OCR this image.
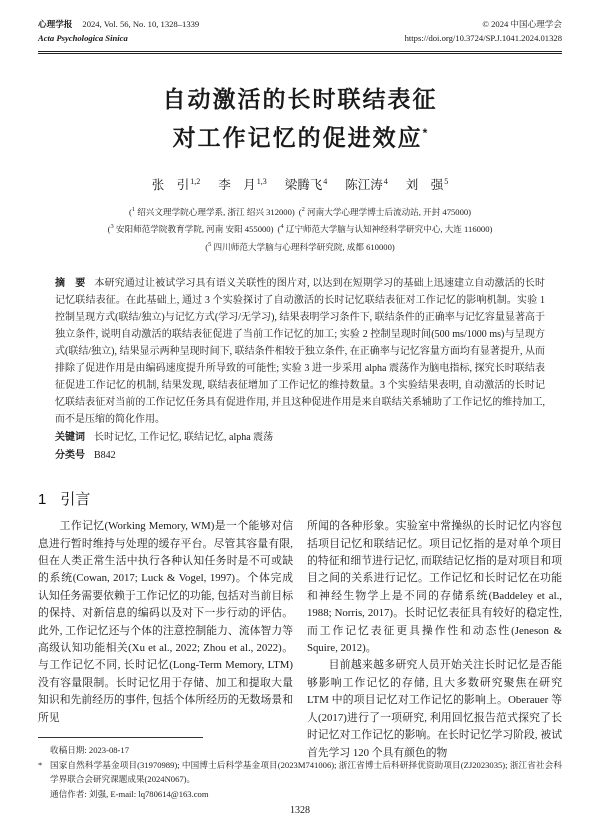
心理学报 2024, Vol. 56, No. 10, 1328–1339
Acta Psychologica Sinica
© 2024 中国心理学会
https://doi.org/10.3724/SP.J.1041.2024.01328
自动激活的长时联结表征
对工作记忆的促进效应*
张　引$^{1,2}$ 李　月$^{1,3}$ 梁腾飞$^4$ 陈江涛$^4$ 刘　强$^5$
($^1$ 绍兴文理学院心理学系, 浙江 绍兴 312000) ($^2$ 河南大学心理学博士后流动站, 开封 475000)
($^3$ 安阳师范学院教育学院, 河南 安阳 455000) ($^4$ 辽宁师范大学脑与认知神经科学研究中心, 大连 116000)
($^5$ 四川师范大学脑与心理科学研究院, 成都 610000)

摘　要 本研究通过让被试学习具有语义关联性的图片对, 以达到在短期学习的基础上迅速建立自动激活的长时记忆联结表征。在此基础上, 通过 3 个实验探讨了自动激活的长时记忆联结表征对工作记忆的影响机制。实验 1 控制呈现方式(联结/独立)与记忆方式(学习/无学习), 结果表明学习条件下, 联结条件的正确率与记忆容量显著高于独立条件, 说明自动激活的联结表征促进了当前工作记忆的加工; 实验 2 控制呈现时间(500 ms/1000 ms)与呈现方式(联结/独立), 结果显示两种呈现时间下, 联结条件相较于独立条件, 在正确率与记忆容量方面均有显著提升, 从而排除了促进作用是由编码速度提升所导致的可能性; 实验 3 进一步采用 alpha 震荡作为脑电指标, 探究长时联结表征促进工作记忆的机制, 结果发现, 联结表征增加了工作记忆的维持数量。3 个实验结果表明, 自动激活的长时记忆联结表征对当前的工作记忆任务具有促进作用, 并且这种促进作用是来自联结关系辅助了工作记忆的维持加工, 而不是压缩的简化作用。

关键词 长时记忆, 工作记忆, 联结记忆, alpha 震荡

分类号 B842

1 引言

工作记忆(Working Memory, WM)是一个能够对信息进行暂时维持与处理的缓存平台。尽管其容量有限, 但在人类正常生活中执行各种认知任务时是不可或缺的系统(Cowan, 2017; Luck & Vogel, 1997)。个体完成认知任务需要依赖于工作记忆的功能, 包括对当前目标的保持、对新信息的编码以及对下一步行动的评估。此外, 工作记忆还与个体的注意控制能力、流体智力等高级认知功能相关(Xu et al., 2022; Zhou et al., 2022)。与工作记忆不同, 长时记忆(Long-Term Memory, LTM)没有容量限制。长时记忆用于存储、加工和提取大量知识和先前经历的事件, 包括个体所经历的无数场景和所见

所闻的各种形象。实验室中常操纵的长时记忆内容包括项目记忆和联结记忆。项目记忆指的是对单个项目的特征和细节进行记忆, 而联结记忆指的是对项目和项目之间的关系进行记忆。工作记忆和长时记忆在功能和神经生物学上是不同的存储系统(Baddeley et al., 1988; Norris, 2017)。长时记忆表征具有较好的稳定性, 而工作记忆表征更具操作性和动态性(Jeneson & Squire, 2012)。

目前越来越多研究人员开始关注长时记忆是否能够影响工作记忆的存储, 且大多数研究聚焦在研究 LTM 中的项目记忆对工作记忆的影响上。Oberauer 等人(2017)进行了一项研究, 利用回忆报告范式探究了长时记忆对工作记忆的影响。在长时记忆学习阶段, 被试首先学习 120 个具有颜色的物

收稿日期: 2023-08-17
* 国家自然科学基金项目(31970989); 中国博士后科学基金项目(2023M741006); 浙江省博士后科研择优资助项目(ZJ2023035); 浙江省社会科学界联合会研究课题成果(2024N067)。
通信作者: 刘强, E-mail: lq780614@163.com
1328
